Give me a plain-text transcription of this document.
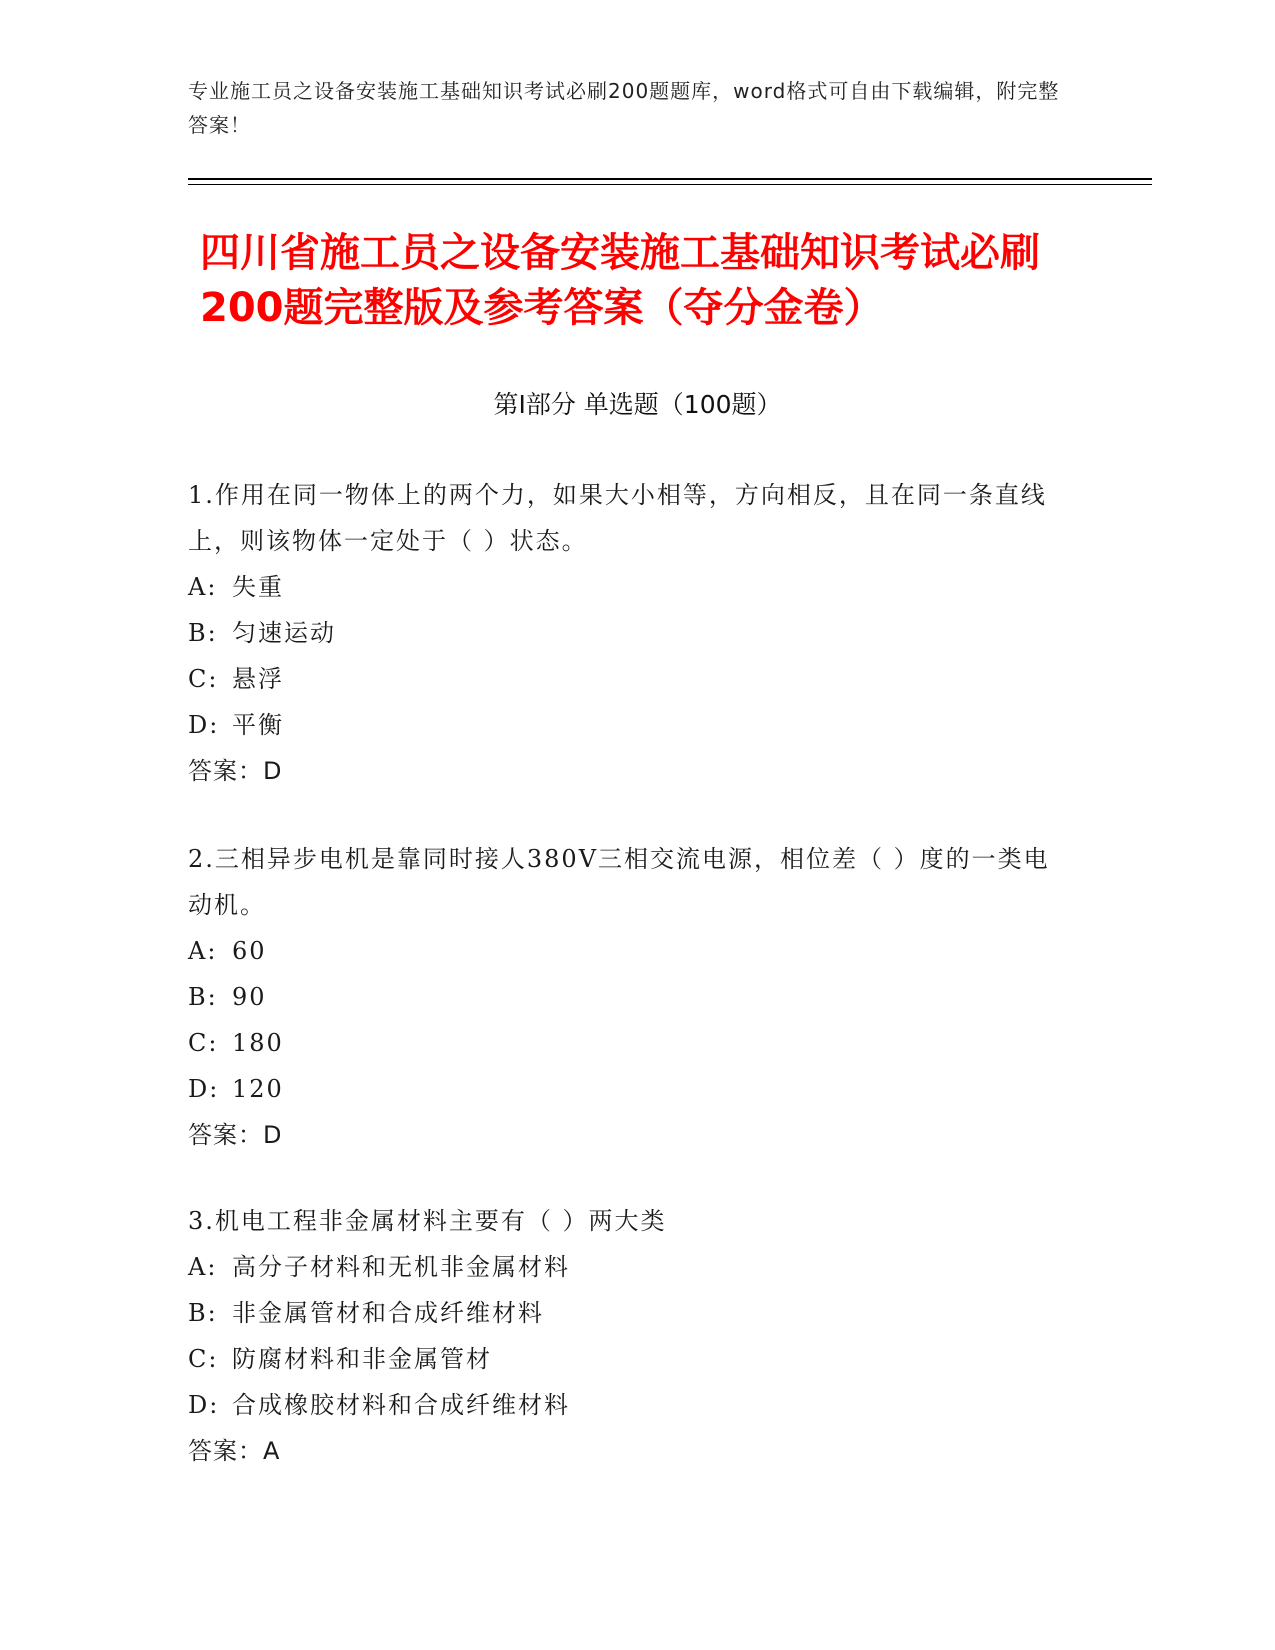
专业施工员之设备安装施工基础知识考试必刷200题题库，word格式可自由下载编辑，附完整答案！
四川省施工员之设备安装施工基础知识考试必刷200题完整版及参考答案（夺分金卷）
第Ⅰ部分 单选题（100题）
1.作用在同一物体上的两个力，如果大小相等，方向相反，且在同一条直线上，则该物体一定处于（ ）状态。
A: 失重
B: 匀速运动
C: 悬浮
D: 平衡
答案：D
2.三相异步电机是靠同时接人380V三相交流电源，相位差（ ）度的一类电动机。
A: 60
B: 90
C: 180
D: 120
答案：D
3.机电工程非金属材料主要有（ ）两大类
A: 高分子材料和无机非金属材料
B: 非金属管材和合成纤维材料
C: 防腐材料和非金属管材
D: 合成橡胶材料和合成纤维材料
答案：A
